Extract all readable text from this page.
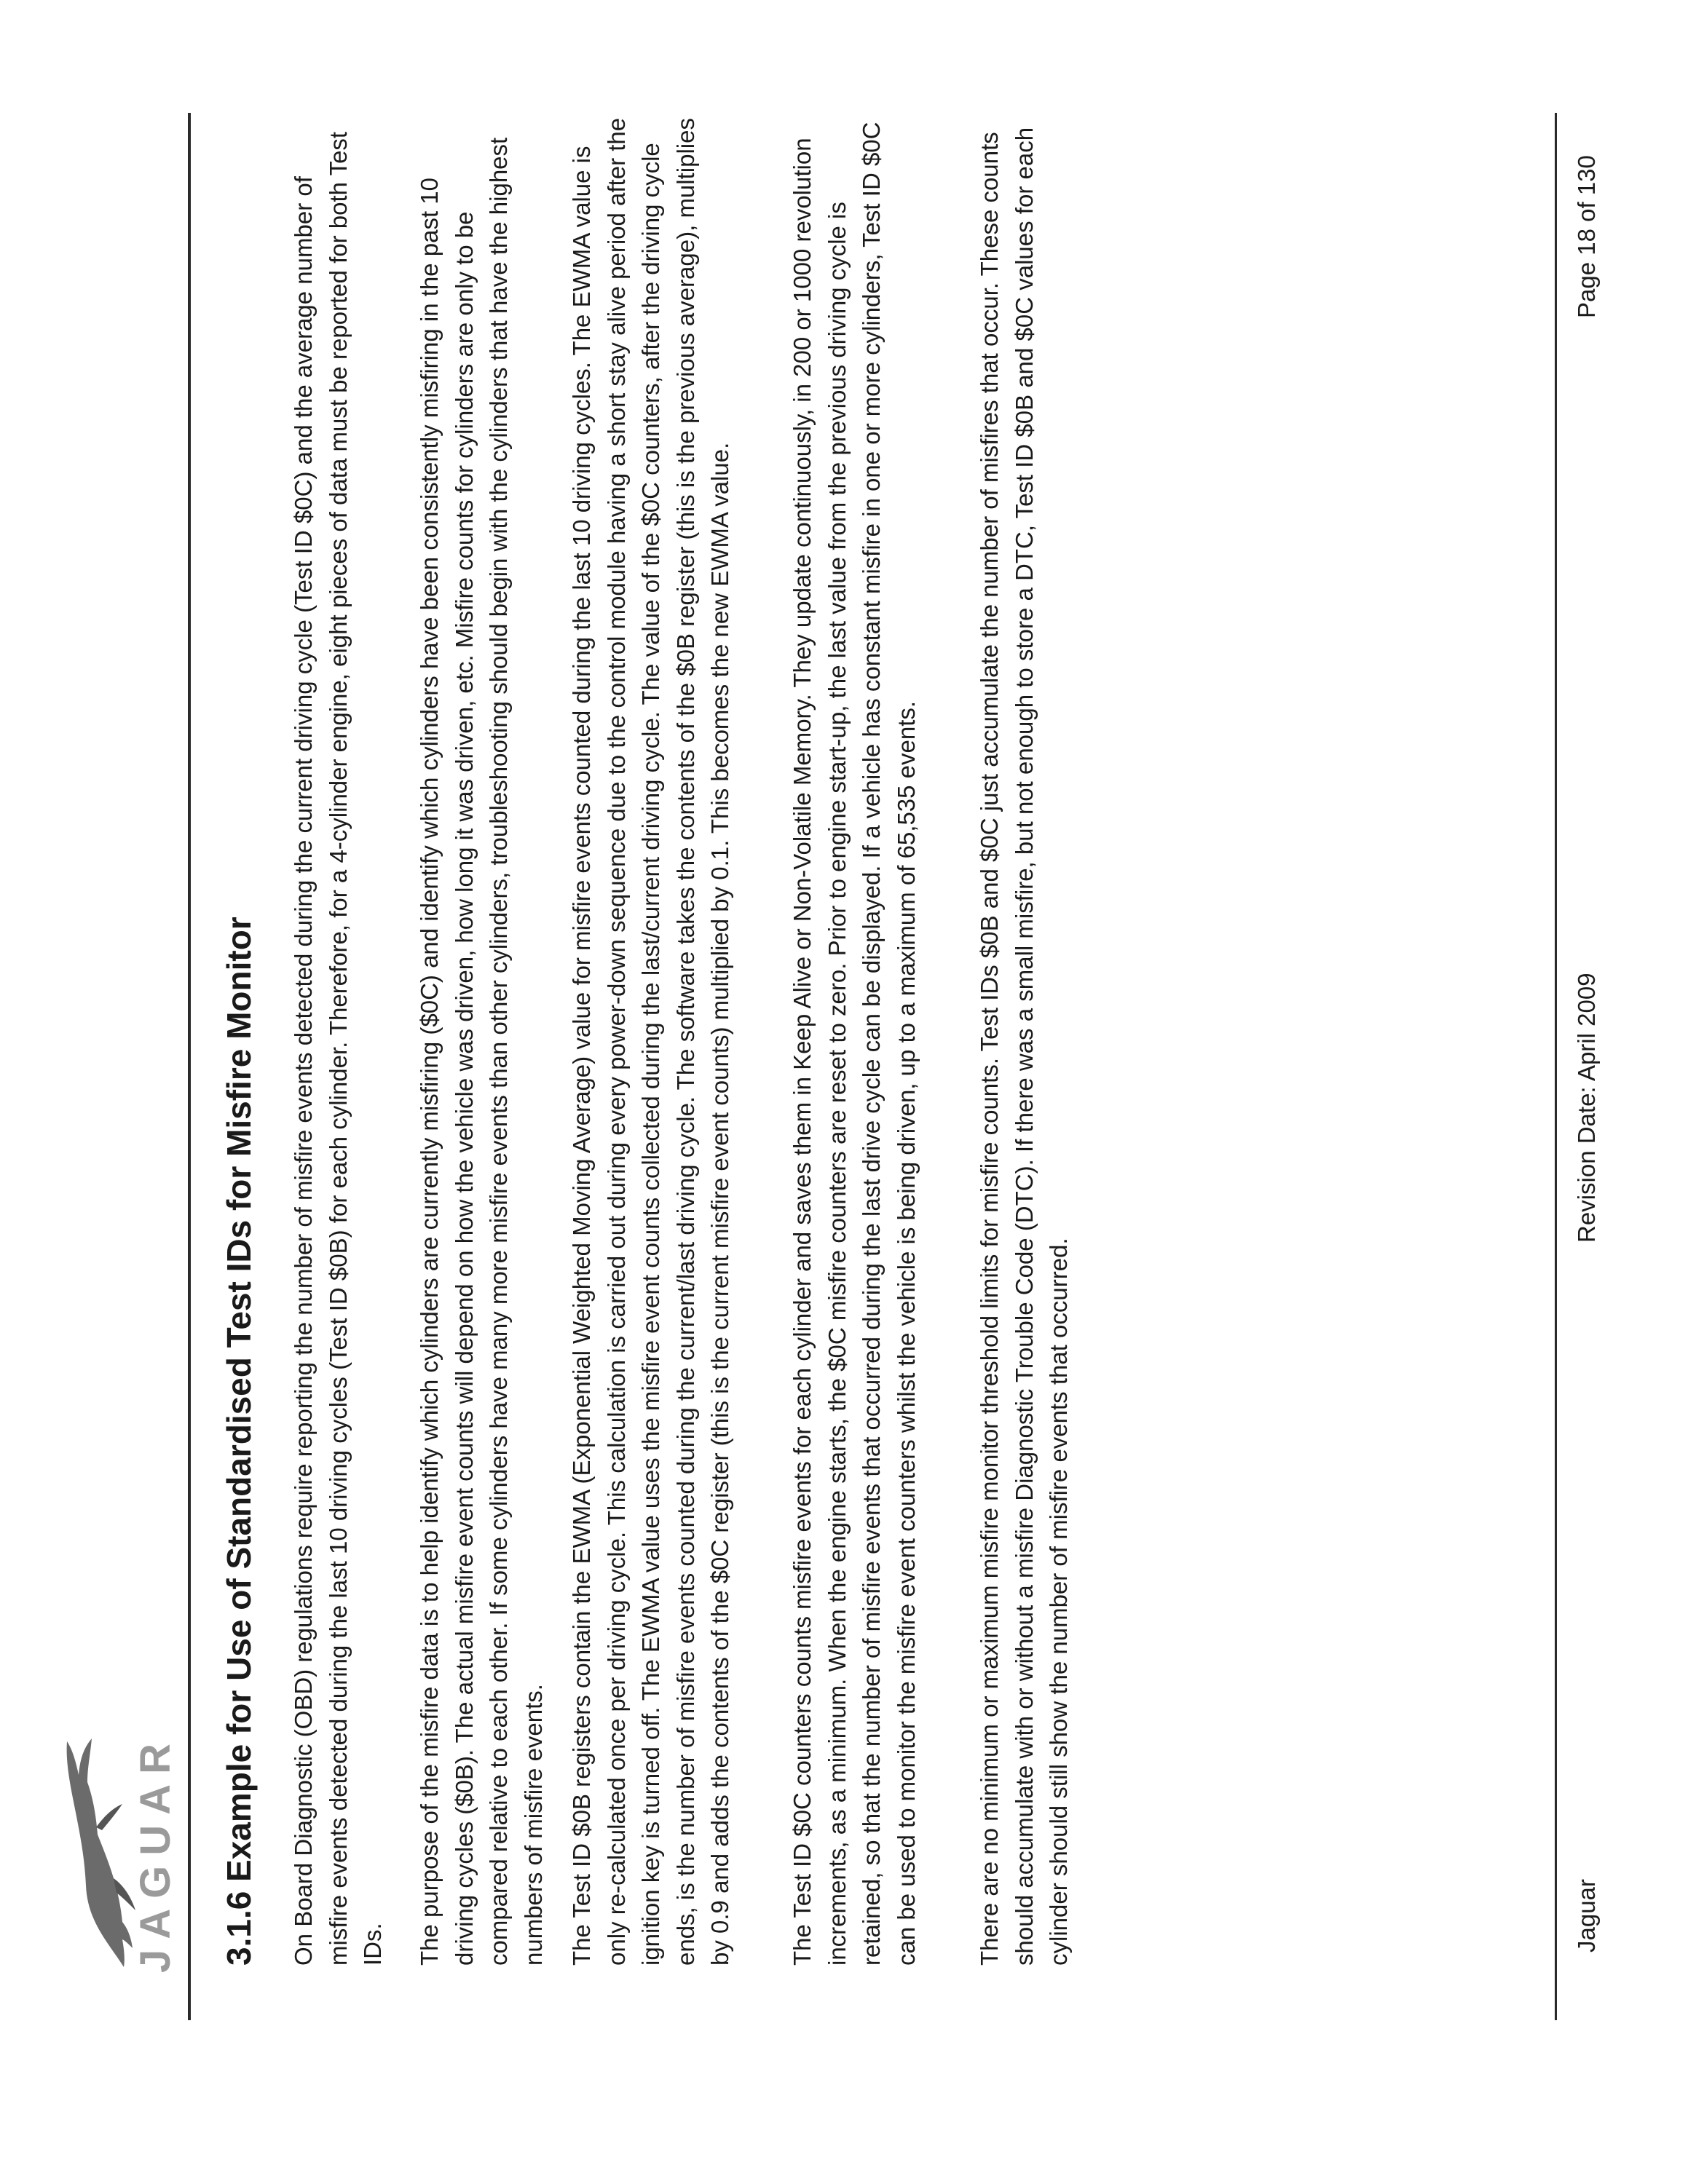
JAGUAR 3.1.6Example for Use of Standardised Test IDs for Misfire Monitor On Board Diagnostic (OBD) regulations require reporting the number of misfire events detected during the current driving cycle (Test ID $0C) and the average number of misfire events detected during the last 10 driving cycles (Test ID $0B) for each cylinder. Therefore, for a 4-cylinder engine, eight pieces of data must be reported for both Test IDs. The purpose of the misfire data is to help identify which cylinders are currently misfiring ($0C) and identify which cylinders have been consistently misfiring in the past 10 driving cycles ($0B). The actual misfire event counts will depend on how the vehicle was driven, how long it was driven, etc. Misfire counts for cylinders are only to be compared relative to each other. If some cylinders have many more misfire events than other cylinders, troubleshooting should begin with the cylinders that have the highest numbers of misfire events. The Test ID $0B registers contain the EWMA (Exponential Weighted Moving Average) value for misfire events counted during the last 10 driving cycles. The EWMA value is only re-calculated once per driving cycle. This calculation is carried out during every power-down sequence due to the control module having a short stay alive period after the ignition key is turned off. The EWMA value uses the misfire event counts collected during the last/current driving cycle. The value of the $0C counters, after the driving cycle ends, is the number of misfire events counted during the current/last driving cycle. The software takes the contents of the $0B register (this is the previous average), multiplies by 0.9 and adds the contents of the $0C register (this is the current misfire event counts) multiplied by 0.1. This becomes the new EWMA value. The Test ID $0C counters counts misfire events for each cylinder and saves them in Keep Alive or Non-Volatile Memory. They update continuously, in 200 or 1000 revolution increments, as a minimum. When the engine starts, the $0C misfire counters are reset to zero. Prior to engine start-up, the last value from the previous driving cycle is retained, so that the number of misfire events that occurred during the last drive cycle can be displayed. If a vehicle has constant misfire in one or more cylinders, Test ID $0C can be used to monitor the misfire event counters whilst the vehicle is being driven, up to a maximum of 65,535 events. There are no minimum or maximum misfire monitor threshold limits for misfire counts. Test IDs $0B and $0C just accumulate the number of misfires that occur. These counts should accumulate with or without a misfire Diagnostic Trouble Code (DTC). If there was a small misfire, but not enough to store a DTC, Test ID $0B and $0C values for each cylinder should still show the number of misfire events that occurred.	Jaguar
Revision Date: April 2009
Page 18 of 130
